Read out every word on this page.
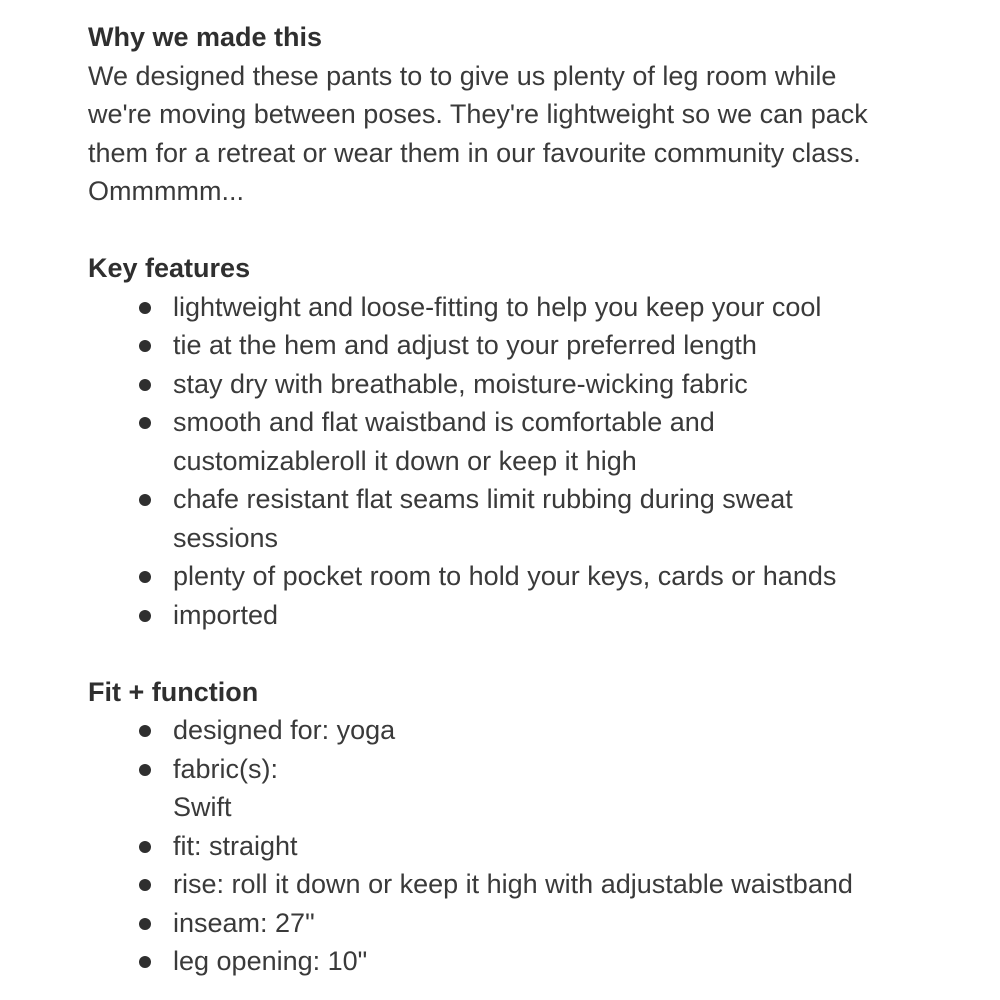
Why we made this

We designed these pants to to give us plenty of leg room while

we're moving between poses. They're lightweight so we can pack

them for a retreat or wear them in our favourite community class.

Ommmmm...

Key features

lightweight and loose-fitting to help you keep your cool
tie at the hem and adjust to your preferred length
stay dry with breathable, moisture-wicking fabric
smooth and flat waistband is comfortable and
customizableroll it down or keep it high
chafe resistant flat seams limit rubbing during sweat
sessions
plenty of pocket room to hold your keys, cards or hands
imported

Fit + function

designed for: yoga
fabric(s):
Swift
fit: straight
rise: roll it down or keep it high with adjustable waistband
inseam: 27"
leg opening: 10"
